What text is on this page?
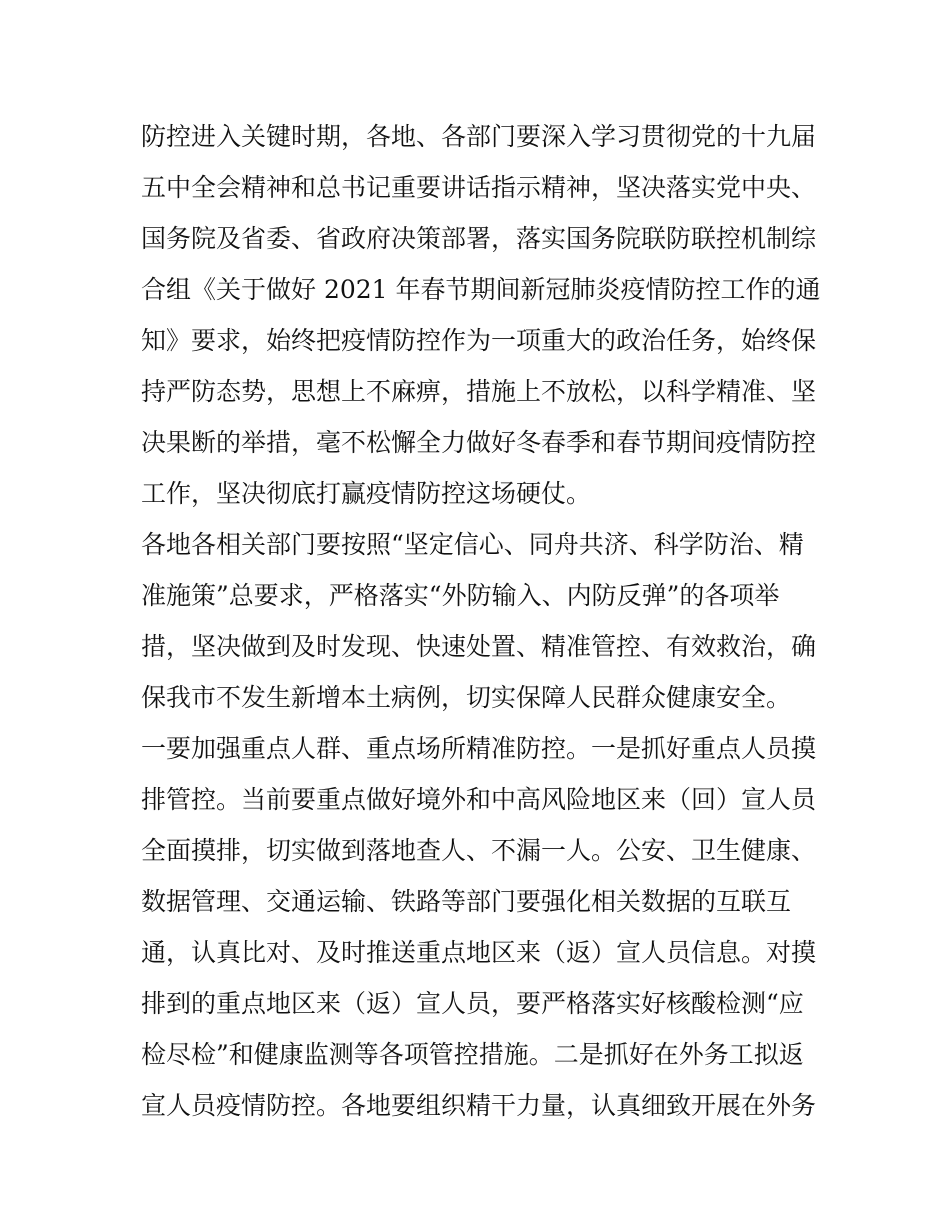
防控进入关键时期，各地、各部门要深入学习贯彻党的十九届
五中全会精神和总书记重要讲话指示精神，坚决落实党中央、
国务院及省委、省政府决策部署，落实国务院联防联控机制综
合组《关于做好 2021 年春节期间新冠肺炎疫情防控工作的通
知》要求，始终把疫情防控作为一项重大的政治任务，始终保
持严防态势，思想上不麻痹，措施上不放松，以科学精准、坚
决果断的举措，毫不松懈全力做好冬春季和春节期间疫情防控
工作，坚决彻底打赢疫情防控这场硬仗。
各地各相关部门要按照“坚定信心、同舟共济、科学防治、精
准施策”总要求，严格落实“外防输入、内防反弹”的各项举
措，坚决做到及时发现、快速处置、精准管控、有效救治，确
保我市不发生新增本土病例，切实保障人民群众健康安全。
一要加强重点人群、重点场所精准防控。一是抓好重点人员摸
排管控。当前要重点做好境外和中高风险地区来（回）宣人员
全面摸排，切实做到落地查人、不漏一人。公安、卫生健康、
数据管理、交通运输、铁路等部门要强化相关数据的互联互
通，认真比对、及时推送重点地区来（返）宣人员信息。对摸
排到的重点地区来（返）宣人员，要严格落实好核酸检测“应
检尽检”和健康监测等各项管控措施。二是抓好在外务工拟返
宣人员疫情防控。各地要组织精干力量，认真细致开展在外务
